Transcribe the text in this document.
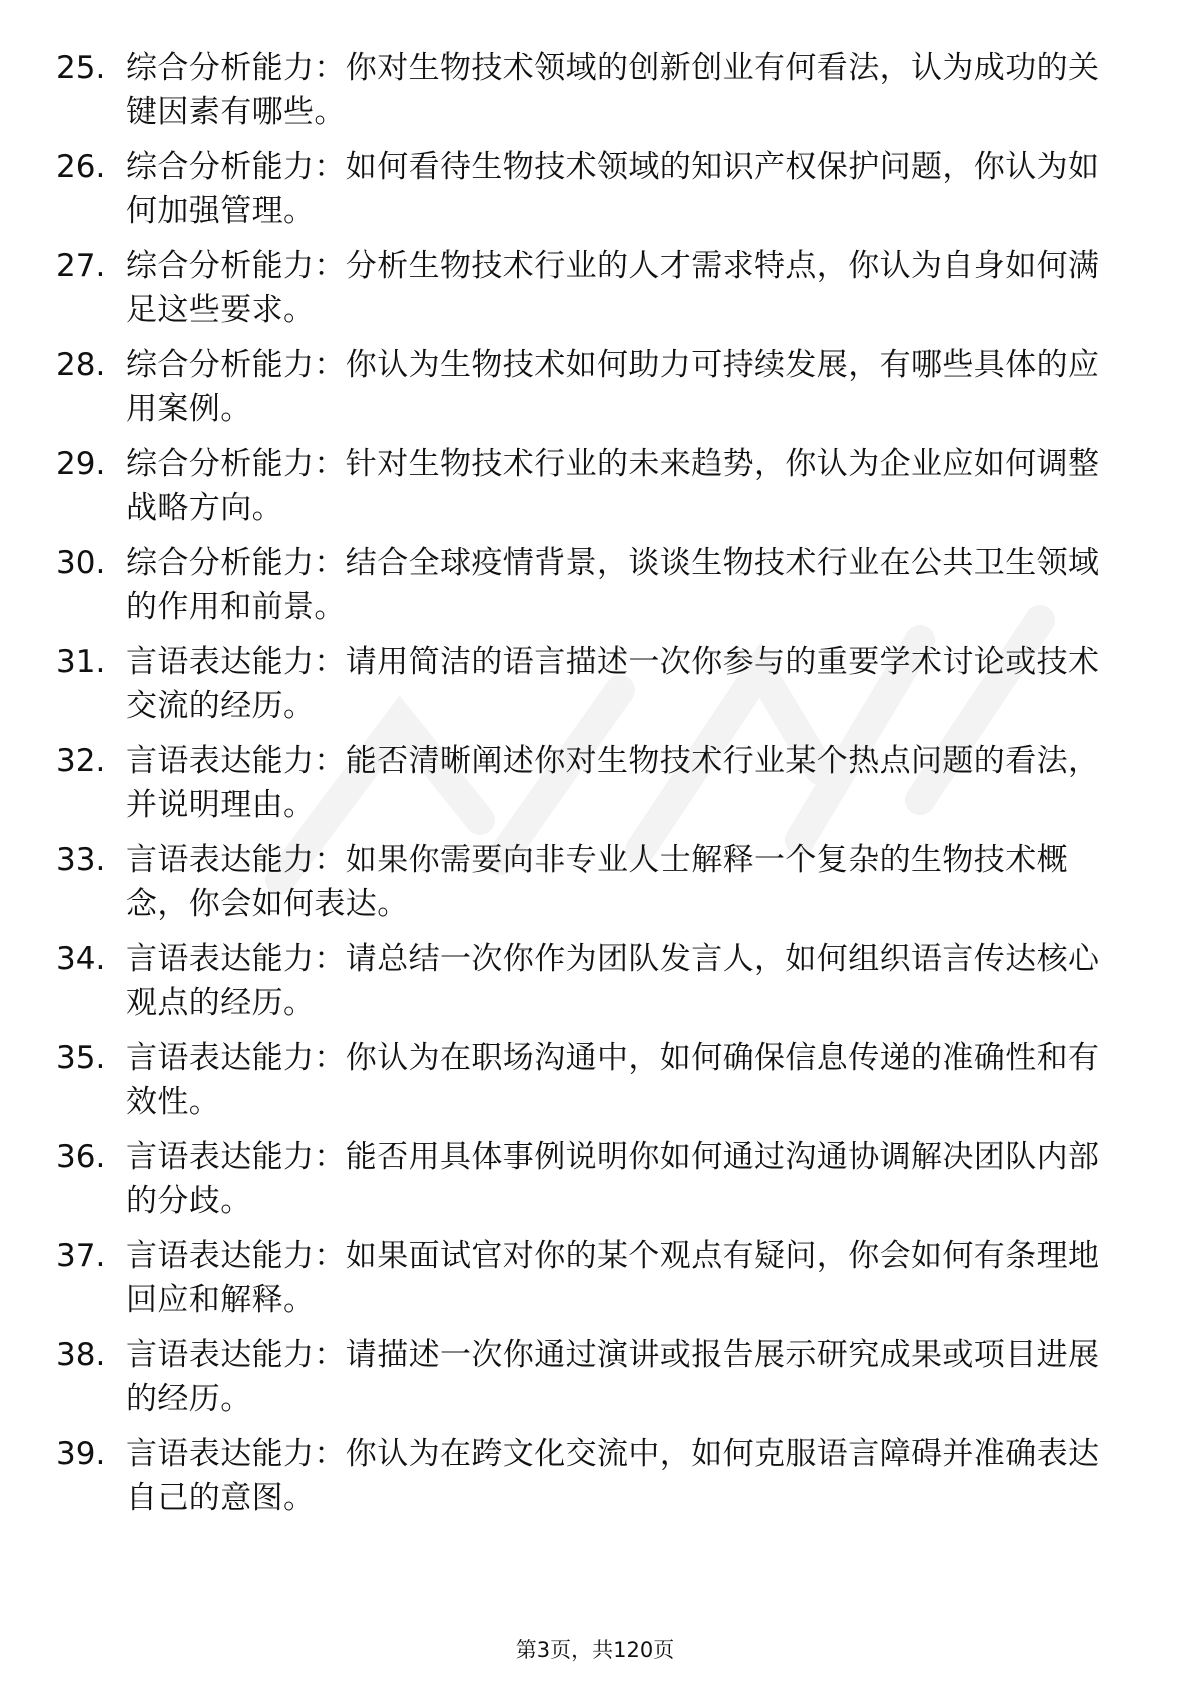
25. 综合分析能力：你对生物技术领域的创新创业有何看法，认为成功的关键因素有哪些。
26. 综合分析能力：如何看待生物技术领域的知识产权保护问题，你认为如何加强管理。
27. 综合分析能力：分析生物技术行业的人才需求特点，你认为自身如何满足这些要求。
28. 综合分析能力：你认为生物技术如何助力可持续发展，有哪些具体的应用案例。
29. 综合分析能力：针对生物技术行业的未来趋势，你认为企业应如何调整战略方向。
30. 综合分析能力：结合全球疫情背景，谈谈生物技术行业在公共卫生领域的作用和前景。
31. 言语表达能力：请用简洁的语言描述一次你参与的重要学术讨论或技术交流的经历。
32. 言语表达能力：能否清晰阐述你对生物技术行业某个热点问题的看法，并说明理由。
33. 言语表达能力：如果你需要向非专业人士解释一个复杂的生物技术概念，你会如何表达。
34. 言语表达能力：请总结一次你作为团队发言人，如何组织语言传达核心观点的经历。
35. 言语表达能力：你认为在职场沟通中，如何确保信息传递的准确性和有效性。
36. 言语表达能力：能否用具体事例说明你如何通过沟通协调解决团队内部的分歧。
37. 言语表达能力：如果面试官对你的某个观点有疑问，你会如何有条理地回应和解释。
38. 言语表达能力：请描述一次你通过演讲或报告展示研究成果或项目进展的经历。
39. 言语表达能力：你认为在跨文化交流中，如何克服语言障碍并准确表达自己的意图。
第3页，共120页
